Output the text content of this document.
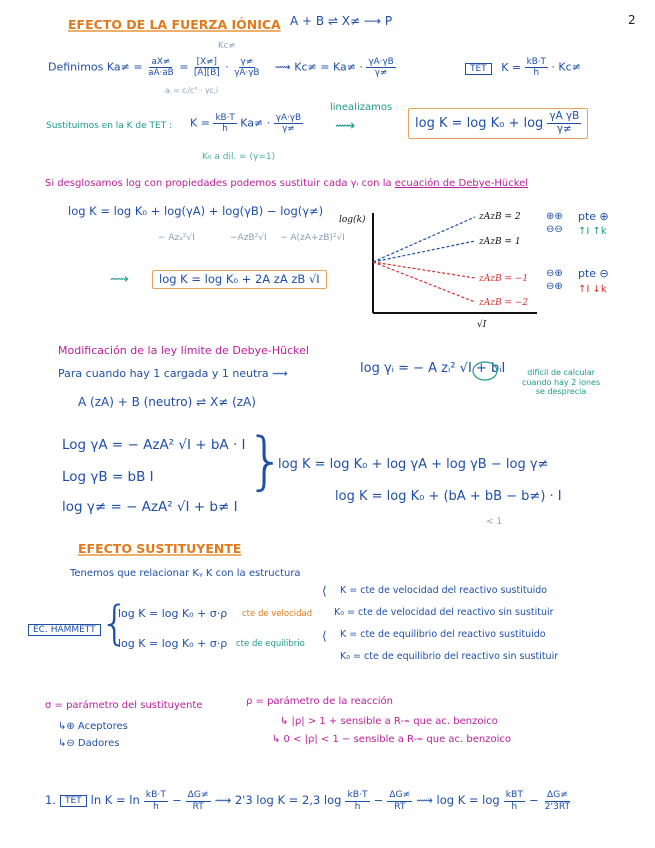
2
EFECTO DE LA FUERZA IÓNICA A + B ⇌ X≠ ⟶ P
Definimos $Ka\ne = \frac{aX\ne}{aA\cdot aB} = \frac{[X\ne]}{[A][B]} \cdot \frac{\gamma\ne}{\gamma A\cdot\gamma B}$
Kc≠
aᵢ = cᵢ/c° · γc,i
⟿ $Kc\ne = Ka\ne \cdot \frac{\gamma A\cdot\gamma B}{\gamma\ne}$	TET $K = \frac{kB\cdot T}{h} \cdot Kc\ne$
Sustituimos en la K de TET : $K = \frac{kB\cdot T}{h} Ka\ne \cdot \frac{\gamma A\cdot\gamma B}{\gamma\ne}$
K₀ a dil. ∞ (γ=1)
linealizamos
⟿	$\log K = \log K_0 + \log \frac{\text{γA γB}}{\gamma\ne}$
Si desglosamos log con propiedades podemos sustituir cada γᵢ con la ecuación de Debye-Hückel
log K = log K₀ + log(γA) + log(γB) − log(γ≠)
− Azₐ²√I	−AzB²√I − A(zA+zB)²√I
⟿	log K = log K₀ + 2A zA zB √I
log(k)
√I
zAzB = 2
zAzB = 1
zAzB = −1
zAzB = −2
⊕⊕
⊖⊖
pte ⊕
↑I ↑k
⊖⊕
⊖⊕
pte ⊖
↑I ↓k
Modificación de la ley límite de Debye-Hückel
Para cuando hay 1 cargada y 1 neutra ⟿	log γᵢ = − A zᵢ² √I + bᵢI	difícil de calcular
cuando hay 2 iones
se desprecia
A (zA) + B (neutro) ⇌ X≠ (zA)
Log γA = − AzA² √I + bA · I
Log γB = bB I
log γ≠ = − AzA² √I + b≠ I
}
log K = log K₀ + log γA + log γB − log γ≠
log K = log K₀ + (bA + bB − b≠) · I
< 1
EFECTO SUSTITUYENTE
Tenemos que relacionar Kᵧ K con la estructura
EC. HAMMETT {
log K = log K₀ + σ·ρ cte de velocidad
log K = log K₀ + σ·ρ cte de equilibrio
⟨
⟨
K = cte de velocidad del reactivo sustituido
K₀ = cte de velocidad del reactivo sin sustituir
K = cte de equilibrio del reactivo sustituido
K₀ = cte de equilibrio del reactivo sin sustituir
σ = parámetro del sustituyente
↳⊕ Aceptores
↳⊖ Dadores
ρ = parámetro de la reacción
↳ |ρ| > 1 + sensible a R-⌁ que ac. benzoico
↳ 0 < |ρ| < 1 − sensible a R-⌁ que ac. benzoico
1.	TET $\ln K = \ln \frac{kB\cdot T}{h} - \frac{\Delta G\ne}{RT}$ ⟿ 2'3 log K = 2,3 $\log \frac{kB\cdot T}{h} - \frac{\Delta G\ne}{RT}$ ⟿ $\log K = \log \frac{\text{kBT}}{h} - \frac{\Delta G\ne}{2'3RT}$
